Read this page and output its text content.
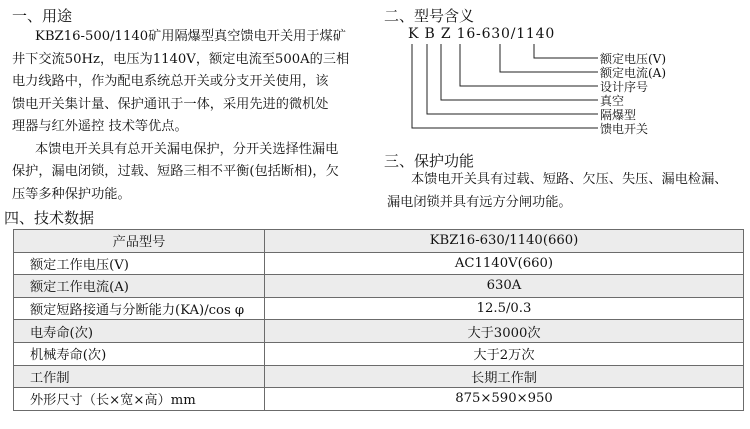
一、用途
KBZ16-500/1140矿用隔爆型真空馈电开关用于煤矿
井下交流50Hz，电压为1140V，额定电流至500A的三相
电力线路中，作为配电系统总开关或分支开关使用，该
馈电开关集计量、保护通讯于一体，采用先进的微机处
理器与红外遥控 技术等优点。
本馈电开关具有总开关漏电保护，分开关选择性漏电
保护，漏电闭锁，过载、短路三相不平衡(包括断相)，欠
压等多种保护功能。
二、型号含义
K B Z 16-630/1140
额定电压(V)
额定电流(A)
设计序号
真空
隔爆型
馈电开关
三、保护功能
本馈电开关具有过载、短路、欠压、失压、漏电检漏、
漏电闭锁并具有远方分闸功能。
四、技术数据
产品型号	KBZ16-630/1140(660)
额定工作电压(V)	AC1140V(660)
额定工作电流(A)	630A
额定短路接通与分断能力(KA)/cos φ	12.5/0.3
电寿命(次)	大于3000次
机械寿命(次)	大于2万次
工作制	长期工作制
外形尺寸（长×宽×高）mm	875×590×950
